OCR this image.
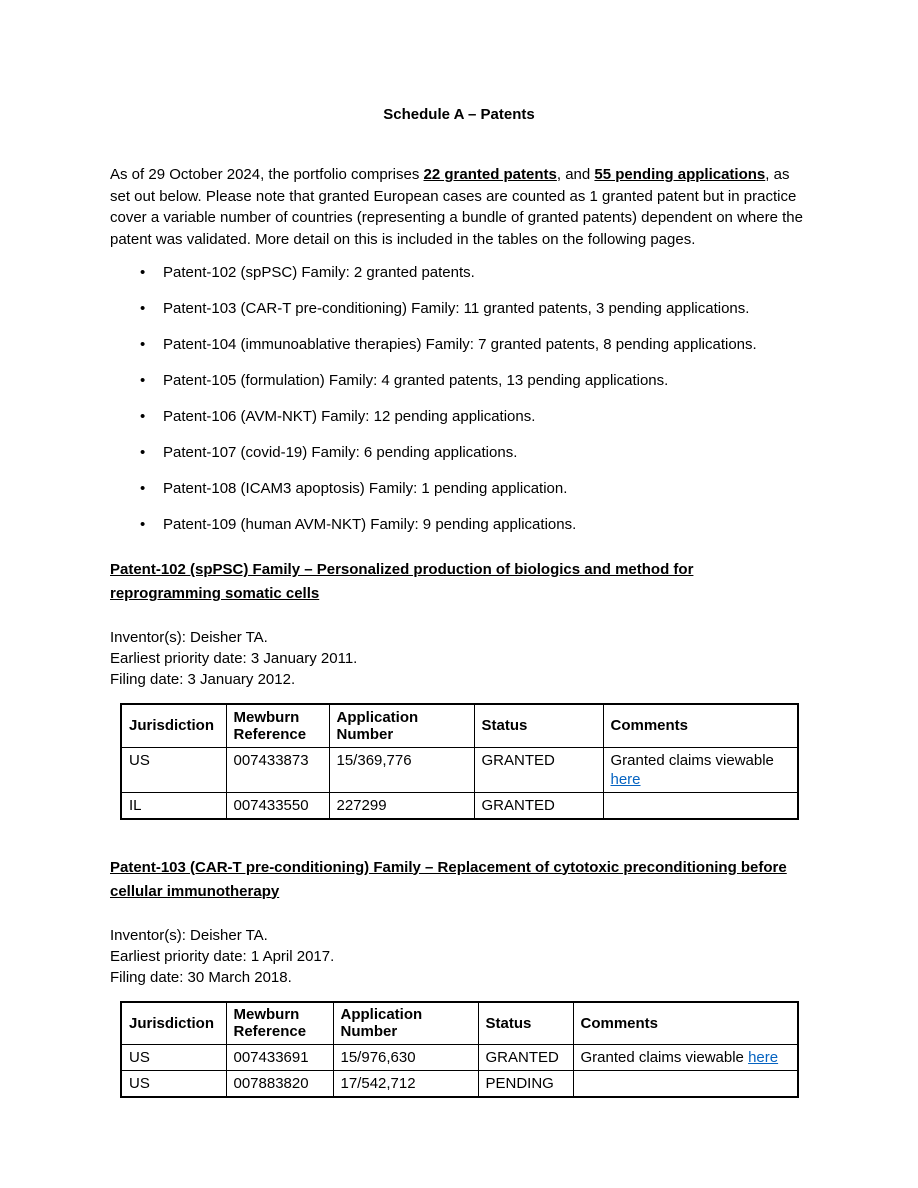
Schedule A – Patents

As of 29 October 2024, the portfolio comprises 22 granted patents, and 55 pending applications, as set out below. Please note that granted European cases are counted as 1 granted patent but in practice cover a variable number of countries (representing a bundle of granted patents) dependent on where the patent was validated. More detail on this is included in the tables on the following pages.

• Patent-102 (spPSC) Family: 2 granted patents.
• Patent-103 (CAR-T pre-conditioning) Family: 11 granted patents, 3 pending applications.
• Patent-104 (immunoablative therapies) Family: 7 granted patents, 8 pending applications.
• Patent-105 (formulation) Family: 4 granted patents, 13 pending applications.
• Patent-106 (AVM-NKT) Family: 12 pending applications.
• Patent-107 (covid-19) Family: 6 pending applications.
• Patent-108 (ICAM3 apoptosis) Family: 1 pending application.
• Patent-109 (human AVM-NKT) Family: 9 pending applications.
Patent-102 (spPSC) Family – Personalized production of biologics and method for reprogramming somatic cells
Inventor(s): Deisher TA.
Earliest priority date: 3 January 2011.
Filing date: 3 January 2012.
Jurisdiction	Mewburn Reference	Application Number	Status	Comments
US	007433873	15/369,776	GRANTED	Granted claims viewable here
IL	007433550	227299	GRANTED	
Patent-103 (CAR-T pre-conditioning) Family – Replacement of cytotoxic preconditioning before cellular immunotherapy
Inventor(s): Deisher TA.
Earliest priority date: 1 April 2017.
Filing date: 30 March 2018.
Jurisdiction	Mewburn Reference	Application Number	Status	Comments
US	007433691	15/976,630	GRANTED	Granted claims viewable here
US	007883820	17/542,712	PENDING	
